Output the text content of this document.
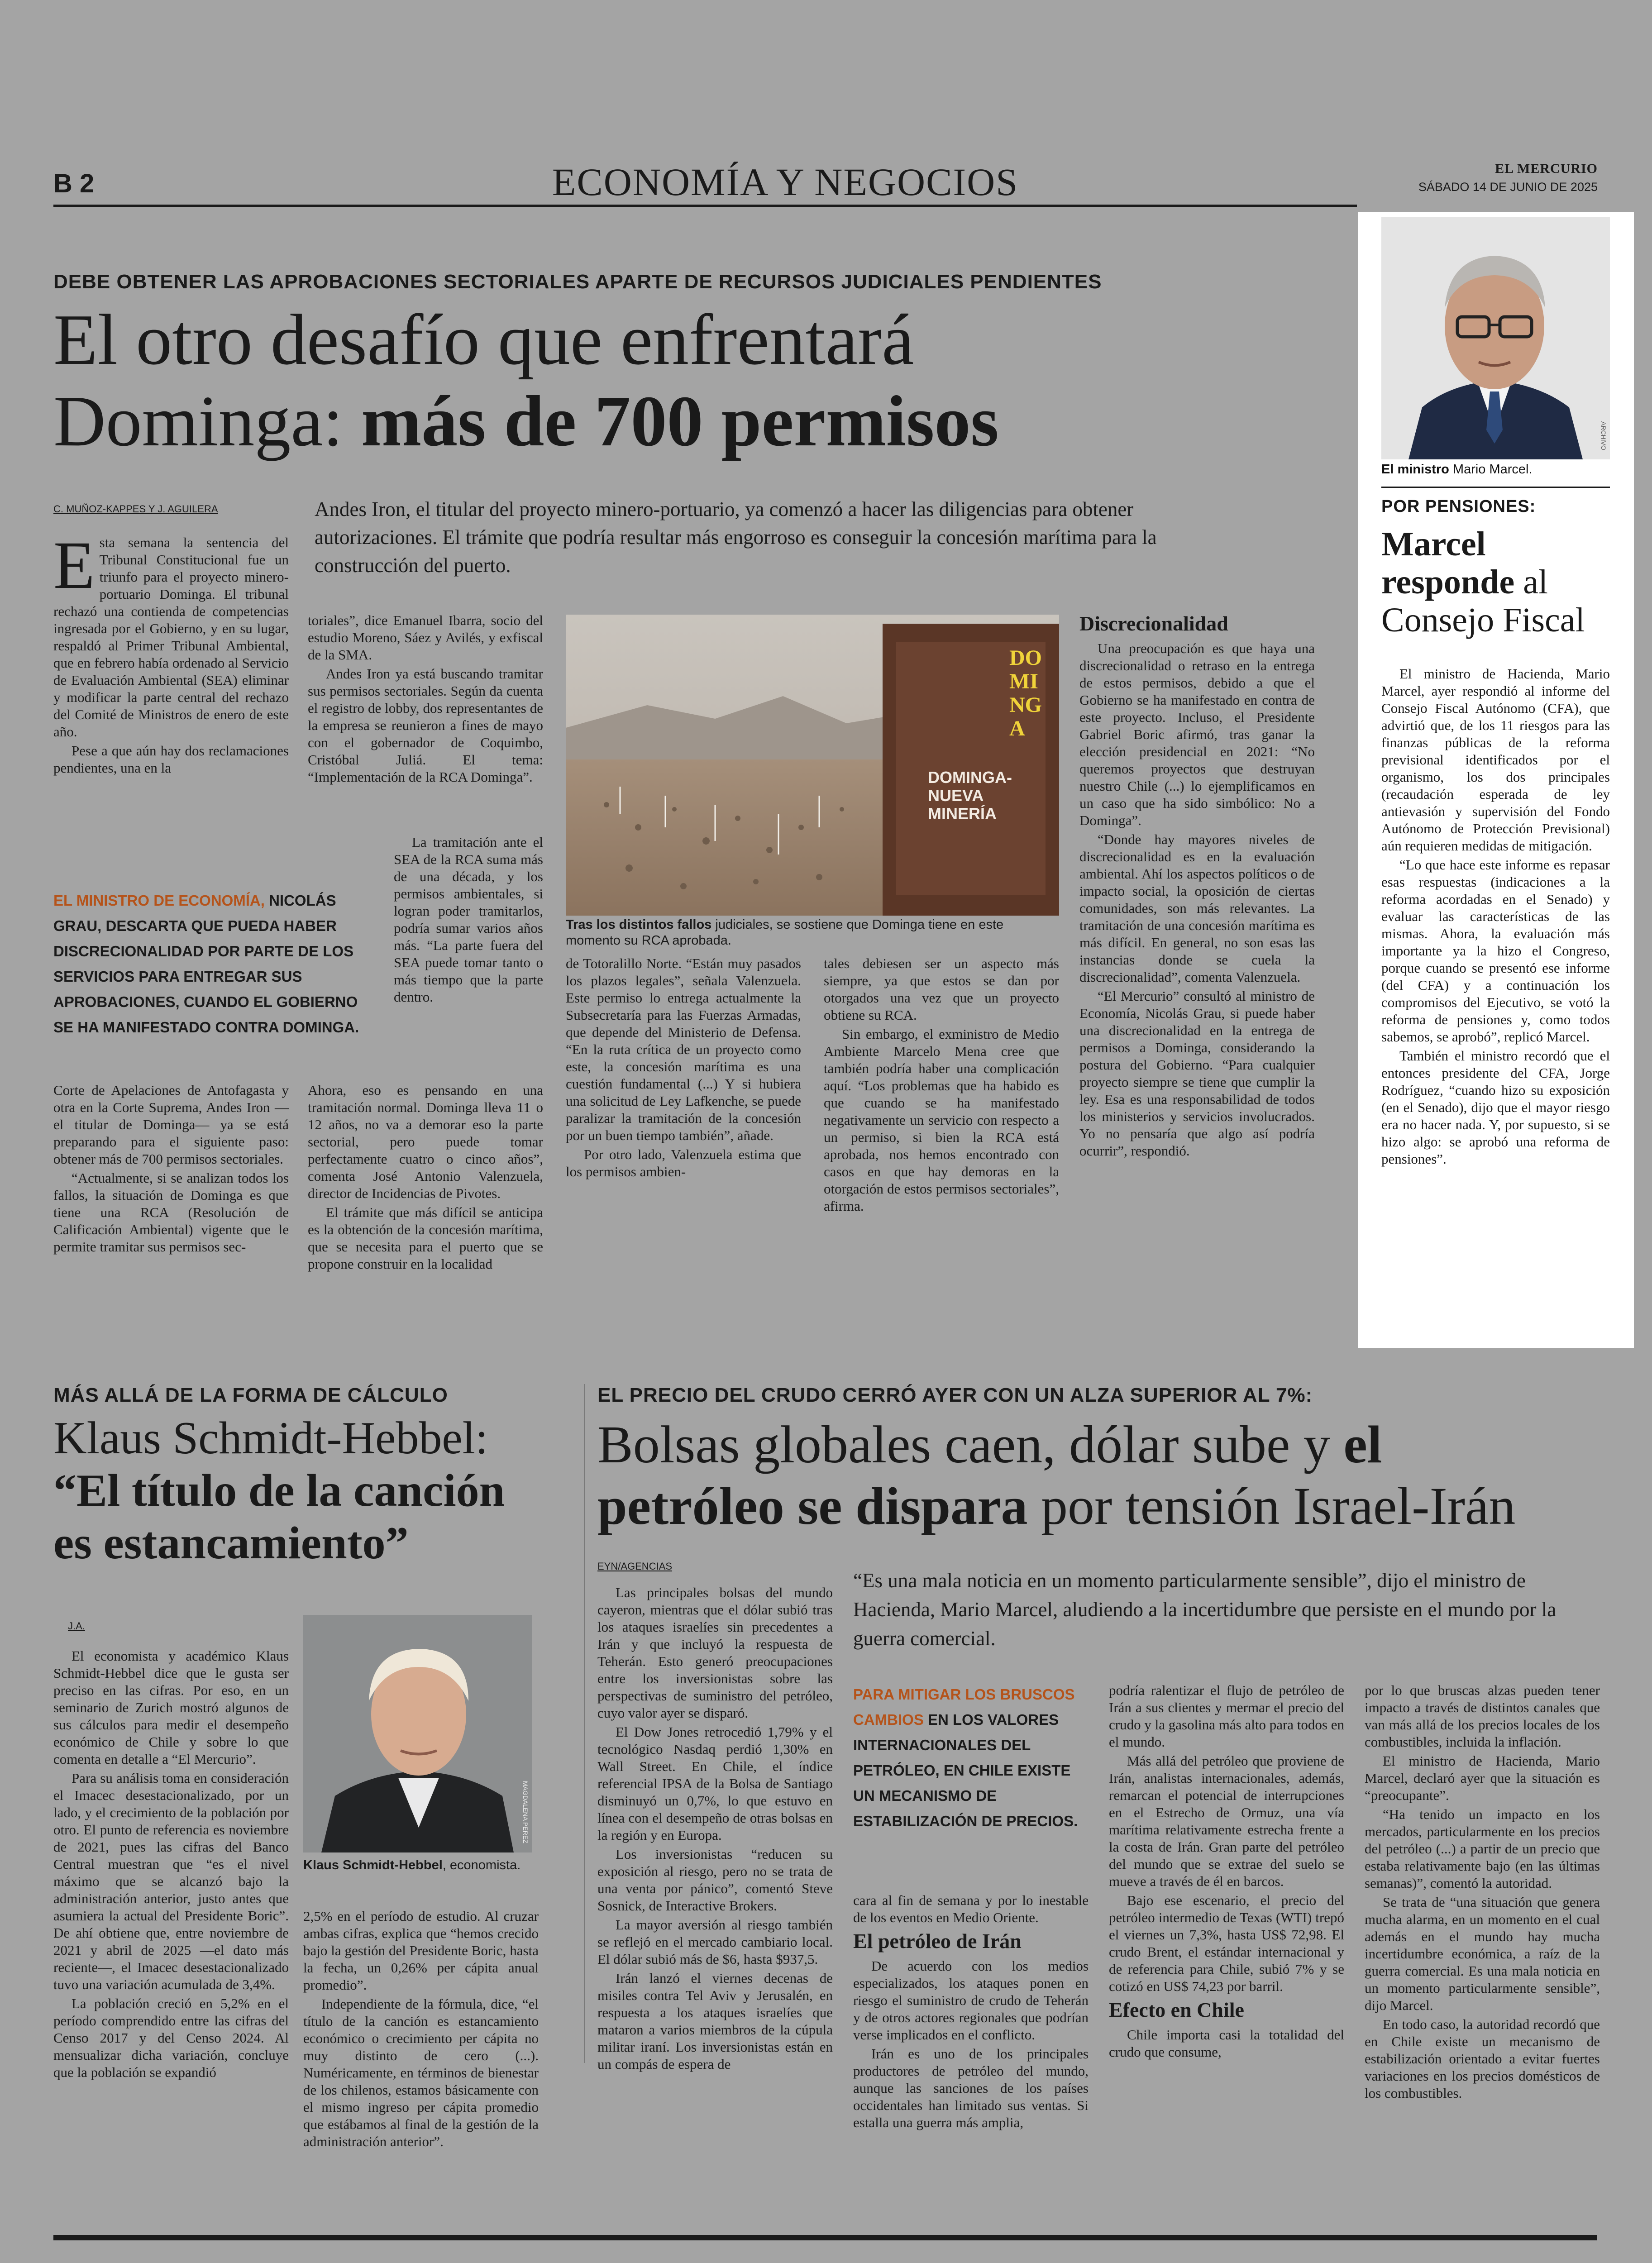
B 2	ECONOMÍA Y NEGOCIOS	EL MERCURIO
SÁBADO 14 DE JUNIO DE 2025
DEBE OBTENER LAS APROBACIONES SECTORIALES APARTE DE RECURSOS JUDICIALES PENDIENTES
El otro desafío que enfrentará
Dominga: más de 700 permisos
C. MUÑOZ-KAPPES Y J. AGUILERA	Andes Iron, el titular del proyecto minero-portuario, ya comenzó a hacer las diligencias para obtener autorizaciones. El trámite que podría resultar más engorroso es conseguir la concesión marítima para la construcción del puerto.

Esta semana la sentencia del Tribunal Constitucional fue un triunfo para el proyecto minero-portuario Dominga. El tribunal rechazó una contienda de competencias ingresada por el Gobierno, y en su lugar, respaldó al Primer Tribunal Ambiental, que en febrero había ordenado al Servicio de Evaluación Ambiental (SEA) eliminar y modificar la parte central del rechazo del Comité de Ministros de enero de este año.

Pese a que aún hay dos reclamaciones pendientes, una en la

EL MINISTRO DE ECONOMÍA, NICOLÁS GRAU, DESCARTA QUE PUEDA HABER DISCRECIONALIDAD POR PARTE DE LOS SERVICIOS PARA ENTREGAR SUS APROBACIONES, CUANDO EL GOBIERNO SE HA MANIFESTADO CONTRA DOMINGA.

Corte de Apelaciones de Antofagasta y otra en la Corte Suprema, Andes Iron —el titular de Dominga— ya se está preparando para el siguiente paso: obtener más de 700 permisos sectoriales.

“Actualmente, si se analizan todos los fallos, la situación de Dominga es que tiene una RCA (Resolución de Calificación Ambiental) vigente que le permite tramitar sus permisos sec-

toriales”, dice Emanuel Ibarra, socio del estudio Moreno, Sáez y Avilés, y exfiscal de la SMA.

Andes Iron ya está buscando tramitar sus permisos sectoriales. Según da cuenta el registro de lobby, dos representantes de la empresa se reunieron a fines de mayo con el gobernador de Coquimbo, Cristóbal Juliá. El tema: “Implementación de la RCA Dominga”.

La tramitación ante el SEA de la RCA suma más de una década, y los permisos ambientales, si logran poder tramitarlos, podría sumar varios años más. “La parte fuera del SEA puede tomar tanto o más tiempo que la parte dentro.

Ahora, eso es pensando en una tramitación normal. Dominga lleva 11 o 12 años, no va a demorar eso la parte sectorial, pero puede tomar perfectamente cuatro o cinco años”, comenta José Antonio Valenzuela, director de Incidencias de Pivotes.

El trámite que más difícil se anticipa es la obtención de la concesión marítima, que se necesita para el puerto que se propone construir en la localidad

DOMINGA
DOMINGA- NUEVA MINERÍA
Tras los distintos fallos judiciales, se sostiene que Dominga tiene en este momento su RCA aprobada.

de Totoralillo Norte. “Están muy pasados los plazos legales”, señala Valenzuela. Este permiso lo entrega actualmente la Subsecretaría para las Fuerzas Armadas, que depende del Ministerio de Defensa. “En la ruta crítica de un proyecto como este, la concesión marítima es una cuestión fundamental (...) Y si hubiera una solicitud de Ley Lafkenche, se puede paralizar la tramitación de la concesión por un buen tiempo también”, añade.

Por otro lado, Valenzuela estima que los permisos ambien-

tales debiesen ser un aspecto más siempre, ya que estos se dan por otorgados una vez que un proyecto obtiene su RCA.

Sin embargo, el exministro de Medio Ambiente Marcelo Mena cree que también podría haber una complicación aquí. “Los problemas que ha habido es que cuando se ha manifestado negativamente un servicio con respecto a un permiso, si bien la RCA está aprobada, nos hemos encontrado con casos en que hay demoras en la otorgación de estos permisos sectoriales”, afirma.

Discrecionalidad

Una preocupación es que haya una discrecionalidad o retraso en la entrega de estos permisos, debido a que el Gobierno se ha manifestado en contra de este proyecto. Incluso, el Presidente Gabriel Boric afirmó, tras ganar la elección presidencial en 2021: “No queremos proyectos que destruyan nuestro Chile (...) lo ejemplificamos en un caso que ha sido simbólico: No a Dominga”.

“Donde hay mayores niveles de discrecionalidad es en la evaluación ambiental. Ahí los aspectos políticos o de impacto social, la oposición de ciertas comunidades, son más relevantes. La tramitación de una concesión marítima es más difícil. En general, no son esas las instancias donde se cuela la discrecionalidad”, comenta Valenzuela.

“El Mercurio” consultó al ministro de Economía, Nicolás Grau, si puede haber una discrecionalidad en la entrega de permisos a Dominga, considerando la postura del Gobierno. “Para cualquier proyecto siempre se tiene que cumplir la ley. Esa es una responsabilidad de todos los ministerios y servicios involucrados. Yo no pensaría que algo así podría ocurrir”, respondió.

ARCHIVO
El ministro Mario Marcel.
POR PENSIONES:
Marcel
responde al
Consejo Fiscal

El ministro de Hacienda, Mario Marcel, ayer respondió al informe del Consejo Fiscal Autónomo (CFA), que advirtió que, de los 11 riesgos para las finanzas públicas de la reforma previsional identificados por el organismo, los dos principales (recaudación esperada de ley antievasión y supervisión del Fondo Autónomo de Protección Previsional) aún requieren medidas de mitigación.

“Lo que hace este informe es repasar esas respuestas (indicaciones a la reforma acordadas en el Senado) y evaluar las características de las mismas. Ahora, la evaluación más importante ya la hizo el Congreso, porque cuando se presentó ese informe (del CFA) y a continuación los compromisos del Ejecutivo, se votó la reforma de pensiones y, como todos sabemos, se aprobó”, replicó Marcel.

También el ministro recordó que el entonces presidente del CFA, Jorge Rodríguez, “cuando hizo su exposición (en el Senado), dijo que el mayor riesgo era no hacer nada. Y, por supuesto, si se hizo algo: se aprobó una reforma de pensiones”.

MÁS ALLÁ DE LA FORMA DE CÁLCULO
Klaus Schmidt-Hebbel:
“El título de la canción
es estancamiento”
J.A.

El economista y académico Klaus Schmidt-Hebbel dice que le gusta ser preciso en las cifras. Por eso, en un seminario de Zurich mostró algunos de sus cálculos para medir el desempeño económico de Chile y sobre lo que comenta en detalle a “El Mercurio”.

Para su análisis toma en consideración el Imacec desestacionalizado, por un lado, y el crecimiento de la población por otro. El punto de referencia es noviembre de 2021, pues las cifras del Banco Central muestran que “es el nivel máximo que se alcanzó bajo la administración anterior, justo antes que asumiera la actual del Presidente Boric”. De ahí obtiene que, entre noviembre de 2021 y abril de 2025 —el dato más reciente—, el Imacec desestacionalizado tuvo una variación acumulada de 3,4%.

La población creció en 5,2% en el período comprendido entre las cifras del Censo 2017 y del Censo 2024. Al mensualizar dicha variación, concluye que la población se expandió

MAGDALENA PEREZ
Klaus Schmidt-Hebbel, economista.

2,5% en el período de estudio. Al cruzar ambas cifras, explica que “hemos crecido bajo la gestión del Presidente Boric, hasta la fecha, un 0,26% per cápita anual promedio”.

Independiente de la fórmula, dice, “el título de la canción es estancamiento económico o crecimiento per cápita no muy distinto de cero (...). Numéricamente, en términos de bienestar de los chilenos, estamos básicamente con el mismo ingreso per cápita promedio que estábamos al final de la gestión de la administración anterior”.

EL PRECIO DEL CRUDO CERRÓ AYER CON UN ALZA SUPERIOR AL 7%:
Bolsas globales caen, dólar sube y el
petróleo se dispara por tensión Israel-Irán
EYN/AGENCIAS

Las principales bolsas del mundo cayeron, mientras que el dólar subió tras los ataques israelíes sin precedentes a Irán y que incluyó la respuesta de Teherán. Esto generó preocupaciones entre los inversionistas sobre las perspectivas de suministro del petróleo, cuyo valor ayer se disparó.

El Dow Jones retrocedió 1,79% y el tecnológico Nasdaq perdió 1,30% en Wall Street. En Chile, el índice referencial IPSA de la Bolsa de Santiago disminuyó un 0,7%, lo que estuvo en línea con el desempeño de otras bolsas en la región y en Europa.

Los inversionistas “reducen su exposición al riesgo, pero no se trata de una venta por pánico”, comentó Steve Sosnick, de Interactive Brokers.

La mayor aversión al riesgo también se reflejó en el mercado cambiario local. El dólar subió más de $6, hasta $937,5.

Irán lanzó el viernes decenas de misiles contra Tel Aviv y Jerusalén, en respuesta a los ataques israelíes que mataron a varios miembros de la cúpula militar iraní. Los inversionistas están en un compás de espera de

“Es una mala noticia en un momento particularmente sensible”, dijo el ministro de Hacienda, Mario Marcel, aludiendo a la incertidumbre que persiste en el mundo por la guerra comercial.
PARA MITIGAR LOS BRUSCOS CAMBIOS EN LOS VALORES INTERNACIONALES DEL PETRÓLEO, EN CHILE EXISTE UN MECANISMO DE ESTABILIZACIÓN DE PRECIOS.

cara al fin de semana y por lo inestable de los eventos en Medio Oriente.

El petróleo de Irán

De acuerdo con los medios especializados, los ataques ponen en riesgo el suministro de crudo de Teherán y de otros actores regionales que podrían verse implicados en el conflicto.

Irán es uno de los principales productores de petróleo del mundo, aunque las sanciones de los países occidentales han limitado sus ventas. Si estalla una guerra más amplia,

podría ralentizar el flujo de petróleo de Irán a sus clientes y mermar el precio del crudo y la gasolina más alto para todos en el mundo.

Más allá del petróleo que proviene de Irán, analistas internacionales, además, remarcan el potencial de interrupciones en el Estrecho de Ormuz, una vía marítima relativamente estrecha frente a la costa de Irán. Gran parte del petróleo del mundo que se extrae del suelo se mueve a través de él en barcos.

Bajo ese escenario, el precio del petróleo intermedio de Texas (WTI) trepó el viernes un 7,3%, hasta US$ 72,98. El crudo Brent, el estándar internacional y de referencia para Chile, subió 7% y se cotizó en US$ 74,23 por barril.

Efecto en Chile

Chile importa casi la totalidad del crudo que consume,

por lo que bruscas alzas pueden tener impacto a través de distintos canales que van más allá de los precios locales de los combustibles, incluida la inflación.

El ministro de Hacienda, Mario Marcel, declaró ayer que la situación es “preocupante”.

“Ha tenido un impacto en los mercados, particularmente en los precios del petróleo (...) a partir de un precio que estaba relativamente bajo (en las últimas semanas)”, comentó la autoridad.

Se trata de “una situación que genera mucha alarma, en un momento en el cual además en el mundo hay mucha incertidumbre económica, a raíz de la guerra comercial. Es una mala noticia en un momento particularmente sensible”, dijo Marcel.

En todo caso, la autoridad recordó que en Chile existe un mecanismo de estabilización orientado a evitar fuertes variaciones en los precios domésticos de los combustibles.
